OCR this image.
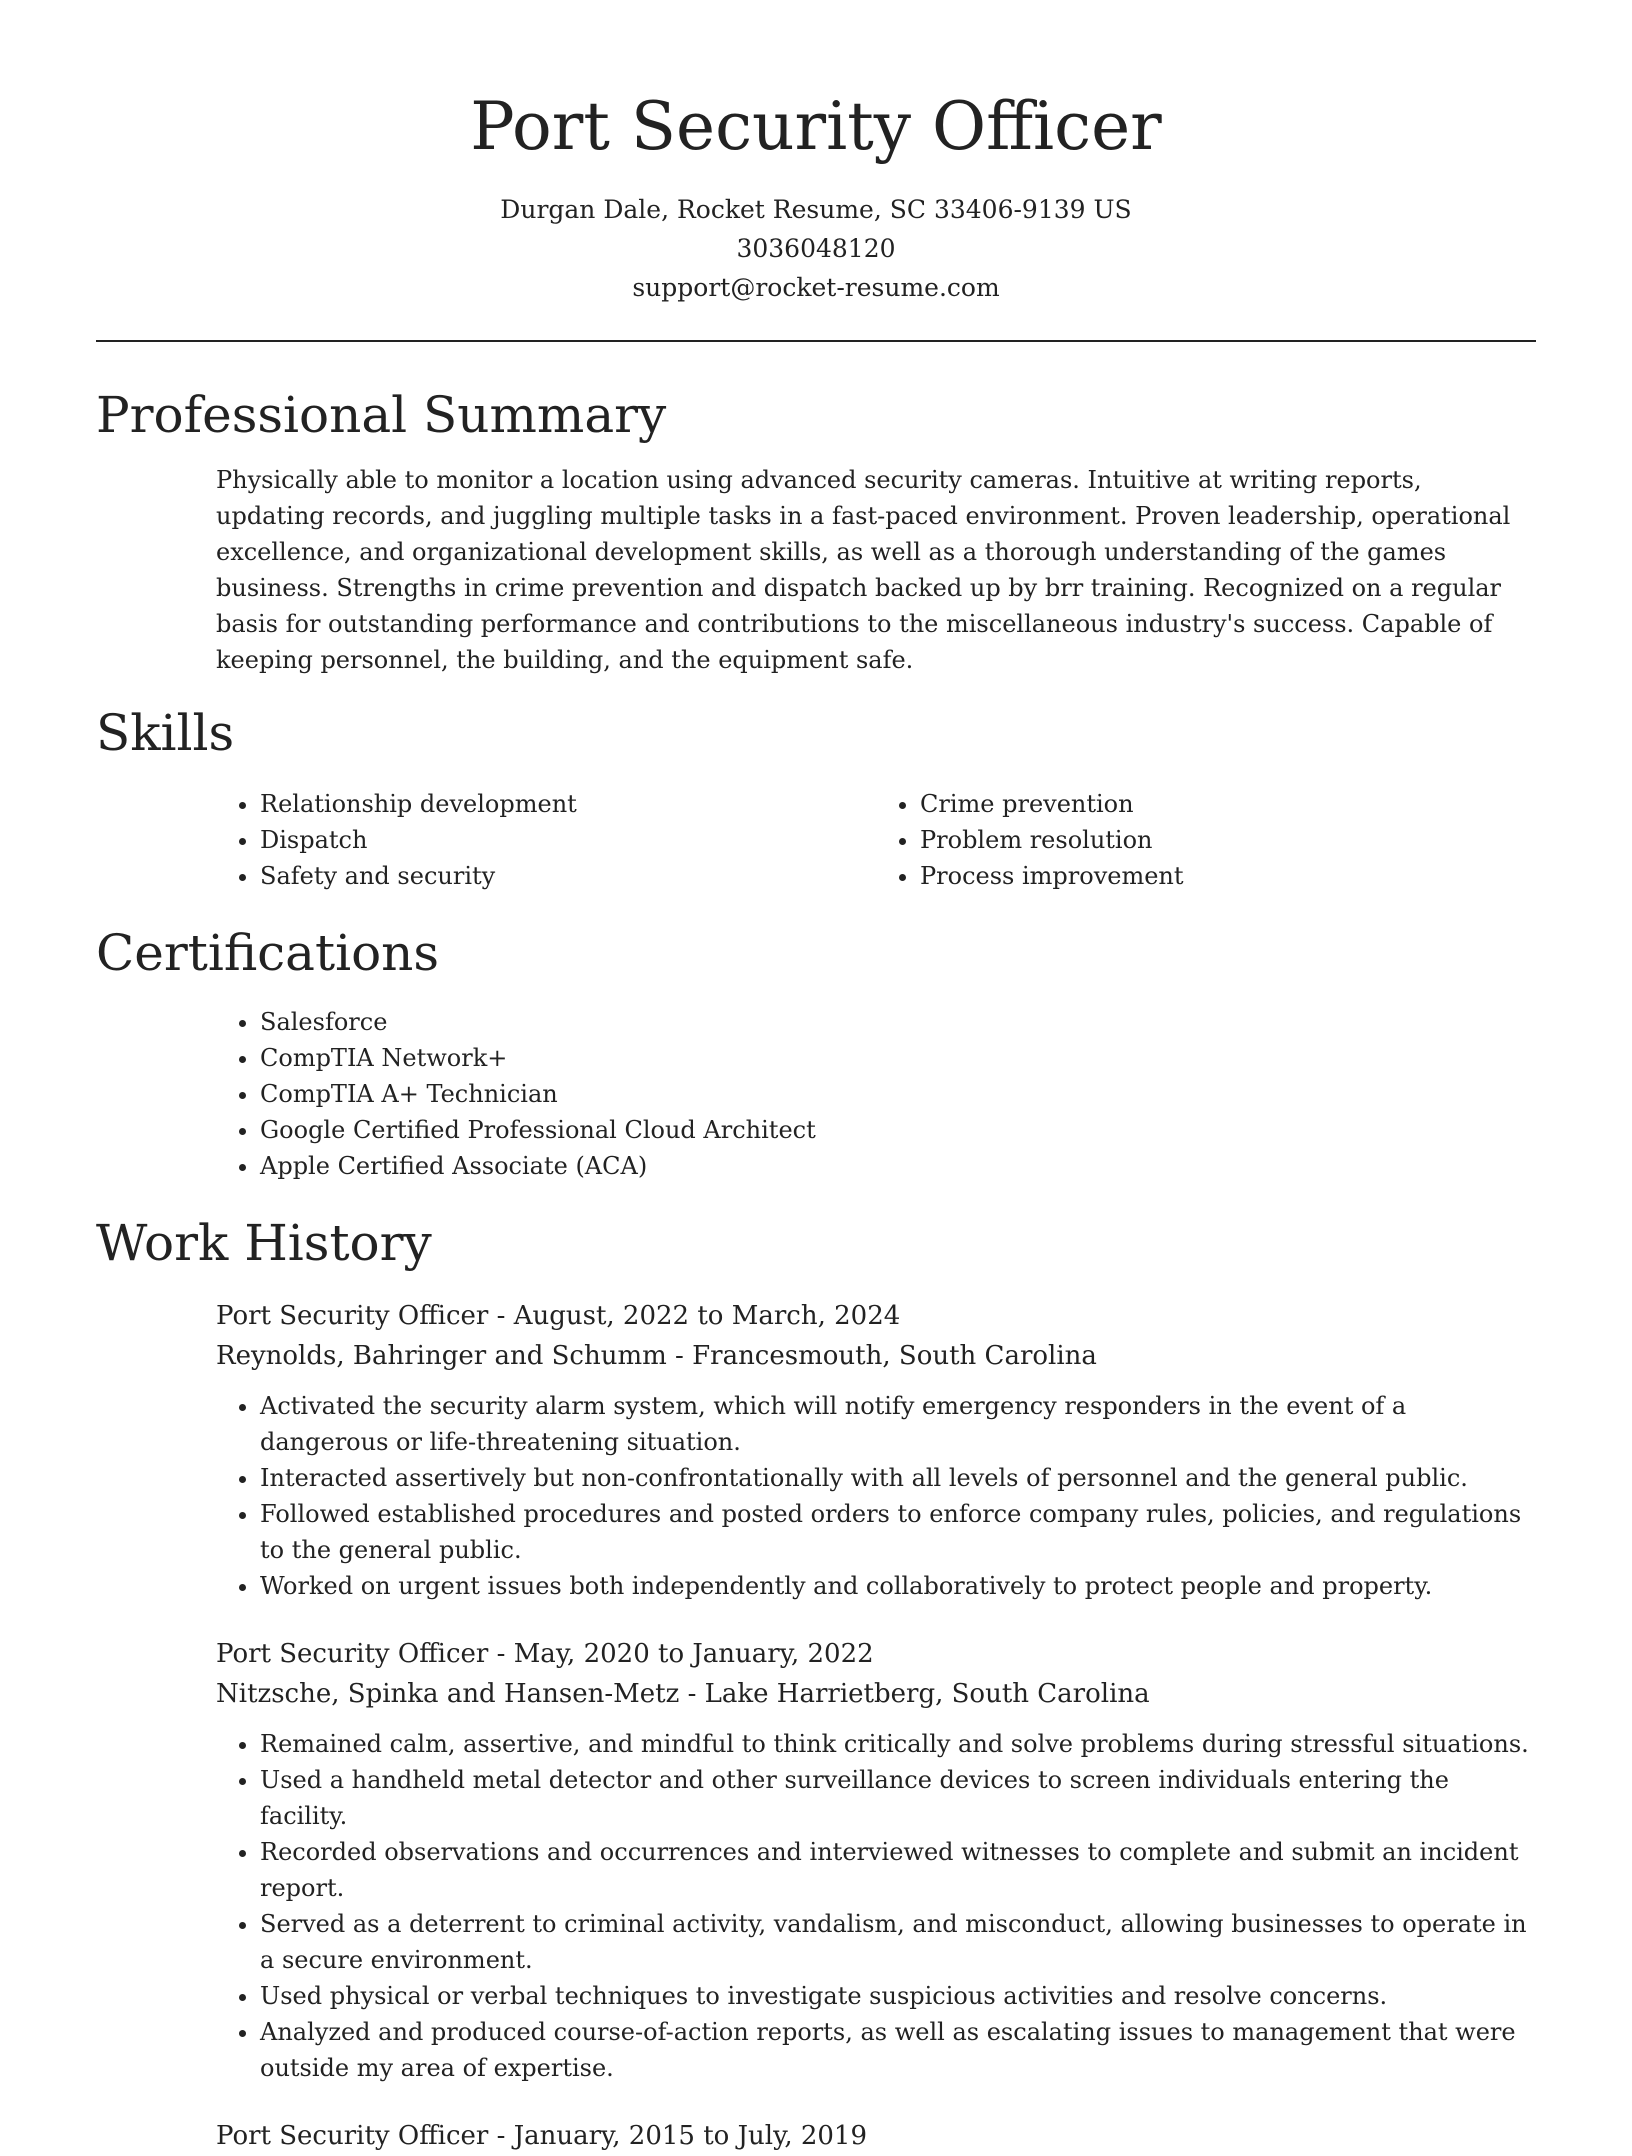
Port Security Officer
Durgan Dale, Rocket Resume, SC 33406-9139 US
3036048120
support@rocket-resume.com
Professional Summary

Physically able to monitor a location using advanced security cameras. Intuitive at writing reports, updating records, and juggling multiple tasks in a fast-paced environment. Proven leadership, operational excellence, and organizational development skills, as well as a thorough understanding of the games business. Strengths in crime prevention and dispatch backed up by brr training. Recognized on a regular basis for outstanding performance and contributions to the miscellaneous industry's success. Capable of keeping personnel, the building, and the equipment safe.

Skills
• Relationship development
• Dispatch
• Safety and security
• Crime prevention
• Problem resolution
• Process improvement
Certifications
• Salesforce
• CompTIA Network+
• CompTIA A+ Technician
• Google Certified Professional Cloud Architect
• Apple Certified Associate (ACA)
Work History
Port Security Officer - August, 2022 to March, 2024
Reynolds, Bahringer and Schumm - Francesmouth, South Carolina
• Activated the security alarm system, which will notify emergency responders in the event of a dangerous or life-threatening situation.
• Interacted assertively but non-confrontationally with all levels of personnel and the general public.
• Followed established procedures and posted orders to enforce company rules, policies, and regulations to the general public.
• Worked on urgent issues both independently and collaboratively to protect people and property.
Port Security Officer - May, 2020 to January, 2022
Nitzsche, Spinka and Hansen-Metz - Lake Harrietberg, South Carolina
• Remained calm, assertive, and mindful to think critically and solve problems during stressful situations.
• Used a handheld metal detector and other surveillance devices to screen individuals entering the facility.
• Recorded observations and occurrences and interviewed witnesses to complete and submit an incident report.
• Served as a deterrent to criminal activity, vandalism, and misconduct, allowing businesses to operate in a secure environment.
• Used physical or verbal techniques to investigate suspicious activities and resolve concerns.
• Analyzed and produced course-of-action reports, as well as escalating issues to management that were outside my area of expertise.
Port Security Officer - January, 2015 to July, 2019
